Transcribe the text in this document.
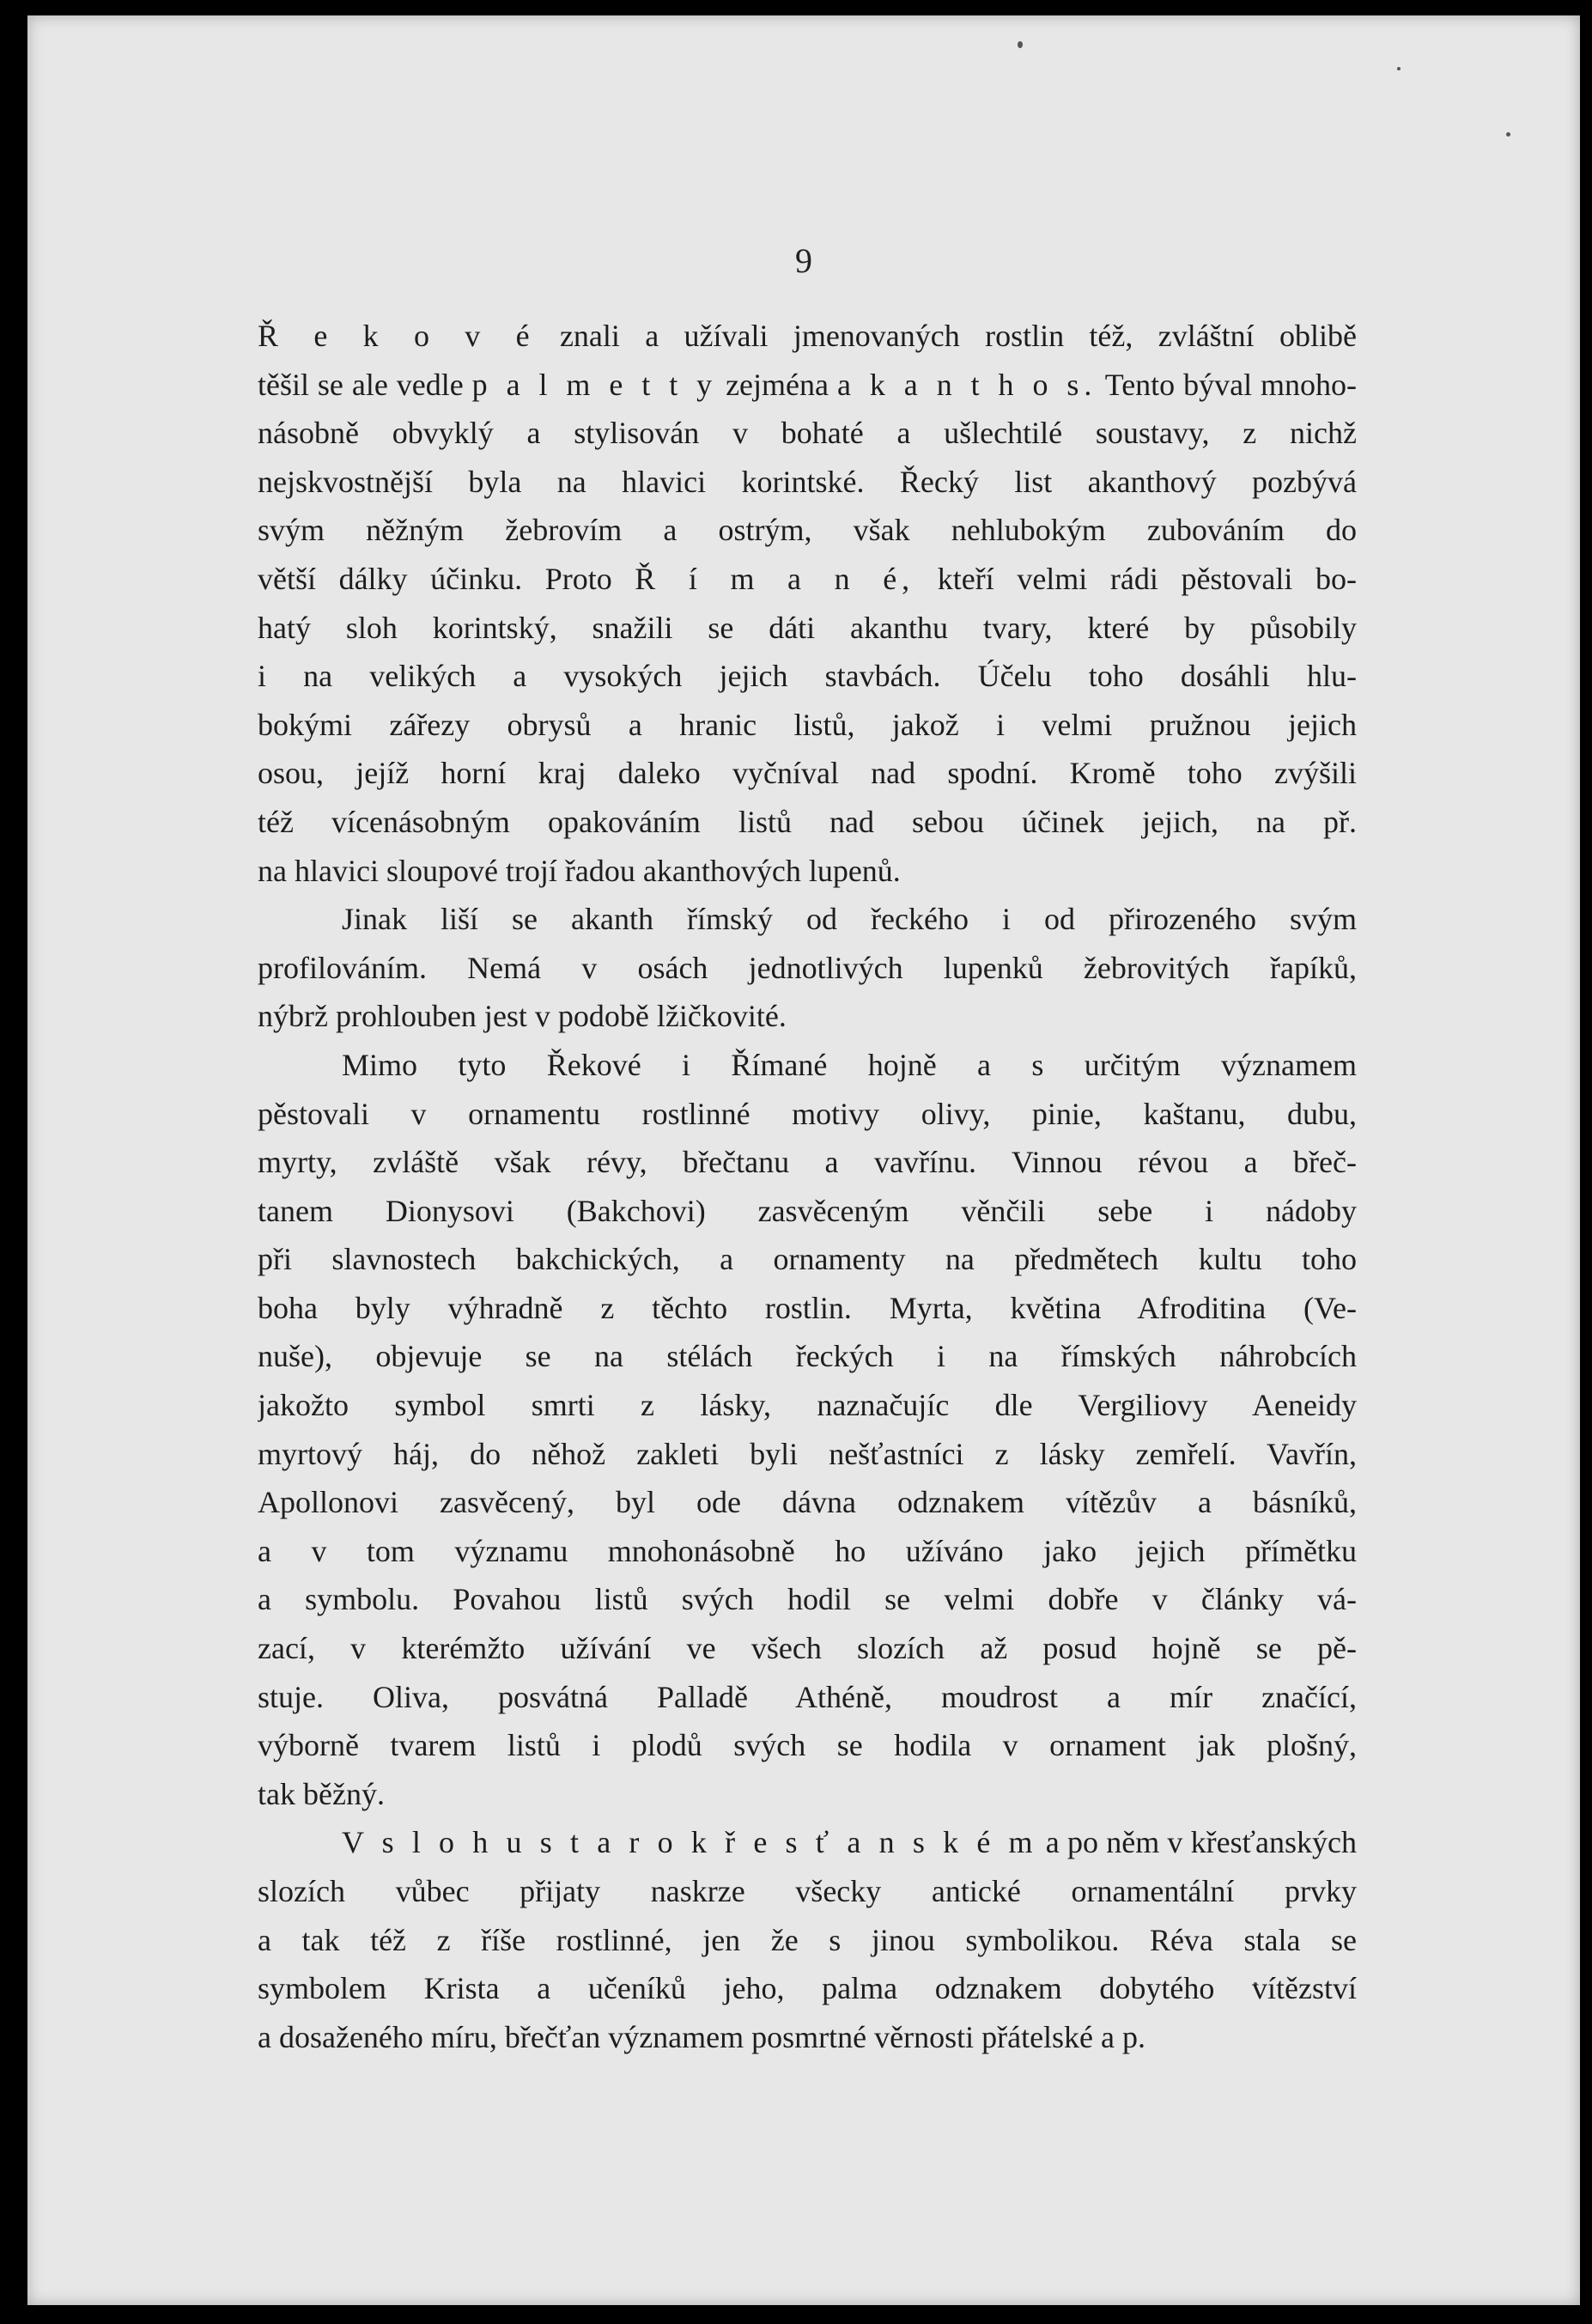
9
Ř e k o v é znali a užívali jmenovaných rostlin též, zvláštní oblibě
těšil se ale vedle p a l m e t t y zejména a k a n t h o s. Tento býval mnoho-
násobně obvyklý a stylisován v bohaté a ušlechtilé soustavy, z nichž
nejskvostnější byla na hlavici korintské. Řecký list akanthový pozbývá
svým něžným žebrovím a ostrým, však nehlubokým zubováním do
větší dálky účinku. Proto Ř í m a n é, kteří velmi rádi pěstovali bo-
hatý sloh korintský, snažili se dáti akanthu tvary, které by působily
i na velikých a vysokých jejich stavbách. Účelu toho dosáhli hlu-
bokými zářezy obrysů a hranic listů, jakož i velmi pružnou jejich
osou, jejíž horní kraj daleko vyčníval nad spodní. Kromě toho zvýšili
též vícenásobným opakováním listů nad sebou účinek jejich, na př.
na hlavici sloupové trojí řadou akanthových lupenů.
Jinak liší se akanth římský od řeckého i od přirozeného svým
profilováním. Nemá v osách jednotlivých lupenků žebrovitých řapíků,
nýbrž prohlouben jest v podobě lžičkovité.
Mimo tyto Řekové i Římané hojně a s určitým významem
pěstovali v ornamentu rostlinné motivy olivy, pinie, kaštanu, dubu,
myrty, zvláště však révy, břečtanu a vavřínu. Vinnou révou a břeč-
tanem Dionysovi (Bakchovi) zasvěceným věnčili sebe i nádoby
při slavnostech bakchických, a ornamenty na předmětech kultu toho
boha byly výhradně z těchto rostlin. Myrta, květina Afroditina (Ve-
nuše), objevuje se na stélách řeckých i na římských náhrobcích
jakožto symbol smrti z lásky, naznačujíc dle Vergiliovy Aeneidy
myrtový háj, do něhož zakleti byli nešťastníci z lásky zemřelí. Vavřín,
Apollonovi zasvěcený, byl ode dávna odznakem vítězův a básníků,
a v tom významu mnohonásobně ho užíváno jako jejich přímětku
a symbolu. Povahou listů svých hodil se velmi dobře v články vá-
zací, v kterémžto užívání ve všech slozích až posud hojně se pě-
stuje. Oliva, posvátná Palladě Athéně, moudrost a mír značící,
výborně tvarem listů i plodů svých se hodila v ornament jak plošný,
tak běžný.
V s l o h u s t a r o k ř e s ť a n s k é m a po něm v křesťanských
slozích vůbec přijaty naskrze všecky antické ornamentální prvky
a tak též z říše rostlinné, jen že s jinou symbolikou. Réva stala se
symbolem Krista a učeníků jeho, palma odznakem dobytého vítězství
a dosaženého míru, břečťan významem posmrtné věrnosti přátelské a p.
